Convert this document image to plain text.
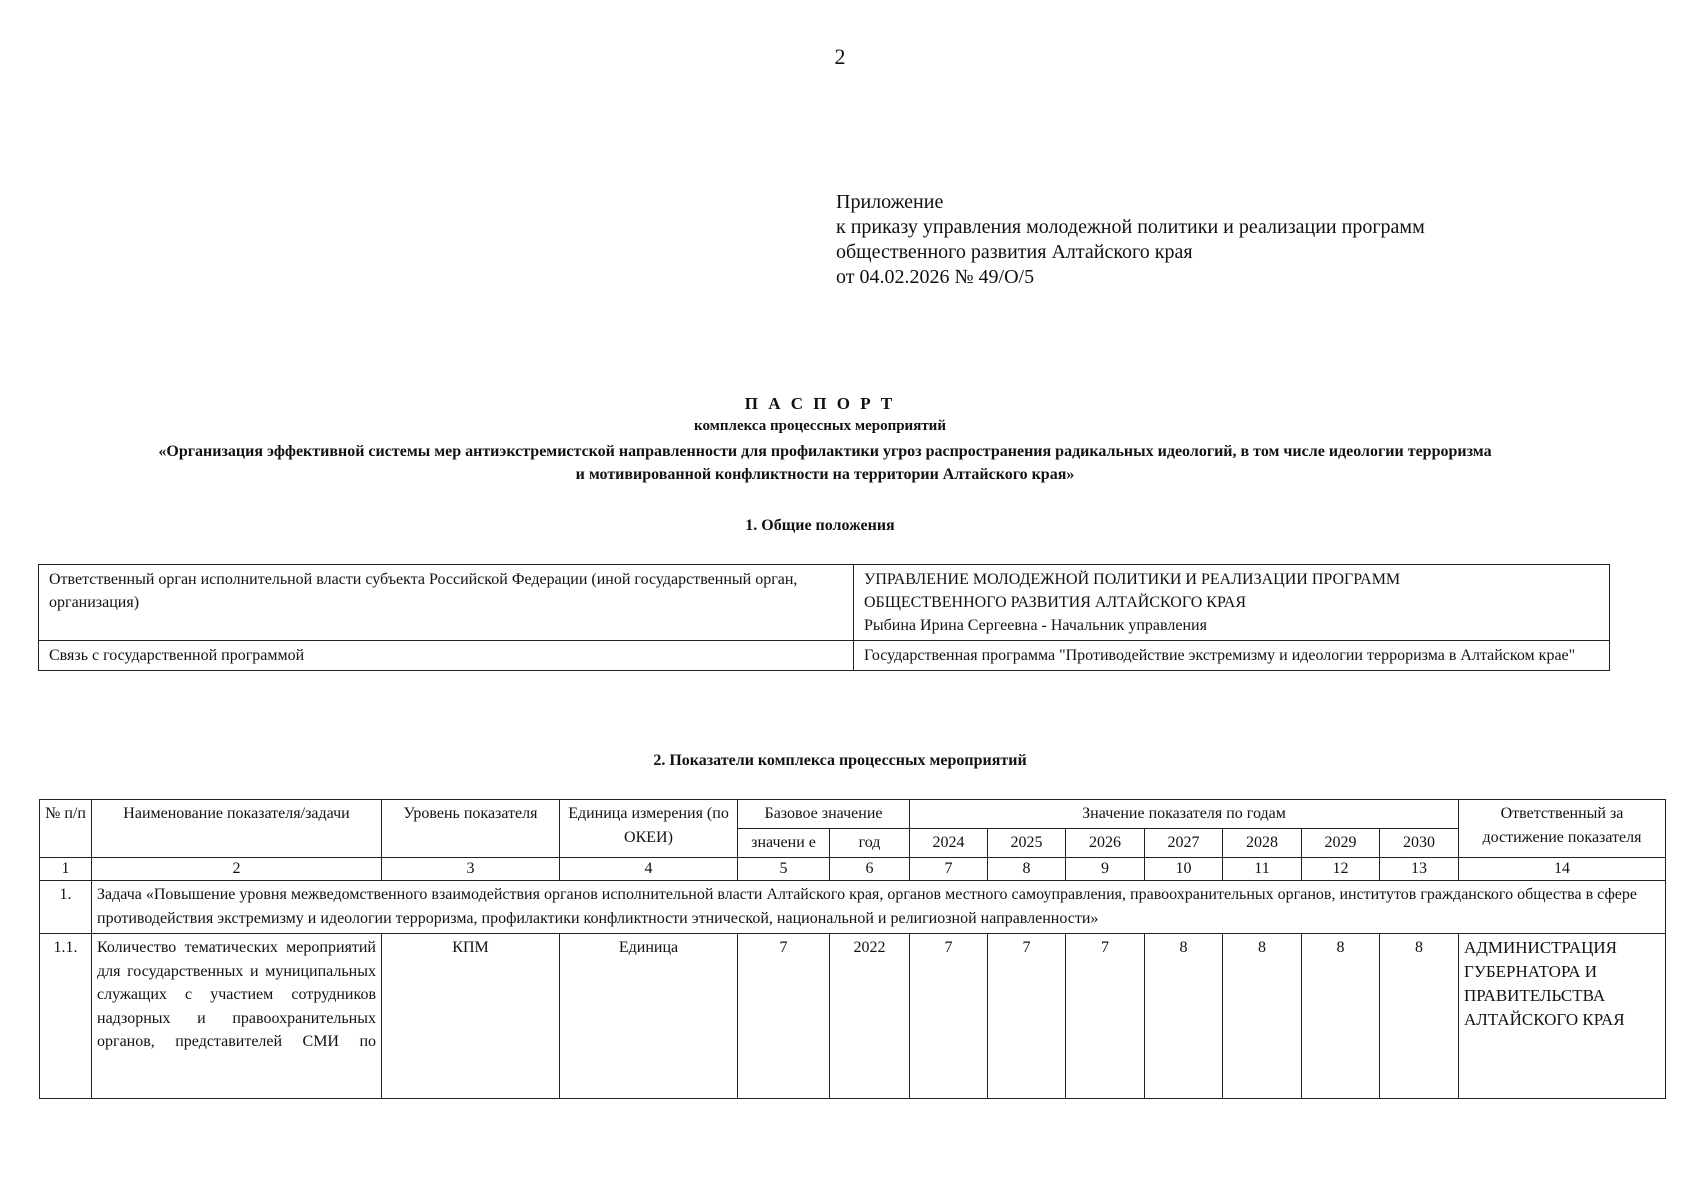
2
Приложение
к приказу управления молодежной политики и реализации программ
общественного развития Алтайского края
от 04.02.2026 № 49/О/5
П А С П О Р Т
комплекса процессных мероприятий
«Организация эффективной системы мер антиэкстремистской направленности для профилактики угроз распространения радикальных идеологий, в том числе идеологии терроризма
и мотивированной конфликтности на территории Алтайского края»
1. Общие положения
Ответственный орган исполнительной власти субъекта Российской Федерации (иной государственный орган, организация)	УПРАВЛЕНИЕ МОЛОДЕЖНОЙ ПОЛИТИКИ И РЕАЛИЗАЦИИ ПРОГРАММ
ОБЩЕСТВЕННОГО РАЗВИТИЯ АЛТАЙСКОГО КРАЯ
Рыбина Ирина Сергеевна - Начальник управления

Связь с государственной программой	Государственная программа "Противодействие экстремизму и идеологии терроризма в Алтайском крае"
2. Показатели комплекса процессных мероприятий
№ п/п	Наименование показателя/задачи	Уровень показателя	Единица измерения (по ОКЕИ)	Базовое значение		Значение показателя по годам							Ответственный за достижение показателя
				значени е	год	2024	2025	2026	2027	2028	2029	2030	
1	2	3	4	5	6	7	8	9	10	11	12	13	14
1.	Задача «Повышение уровня межведомственного взаимодействия органов исполнительной власти Алтайского края, органов местного самоуправления, правоохранительных органов, институтов гражданского общества в сфере противодействия экстремизму и идеологии терроризма, профилактики конфликтности этнической, национальной и религиозной направленности»												
1.1.	Количество тематических мероприятий для государственных и муниципальных служащих с участием сотрудников надзорных и правоохранительных органов, представителей СМИ по	КПМ	Единица	7	2022	7	7	7	8	8	8	8	АДМИНИСТРАЦИЯ ГУБЕРНАТОРА И ПРАВИТЕЛЬСТВА АЛТАЙСКОГО КРАЯ
